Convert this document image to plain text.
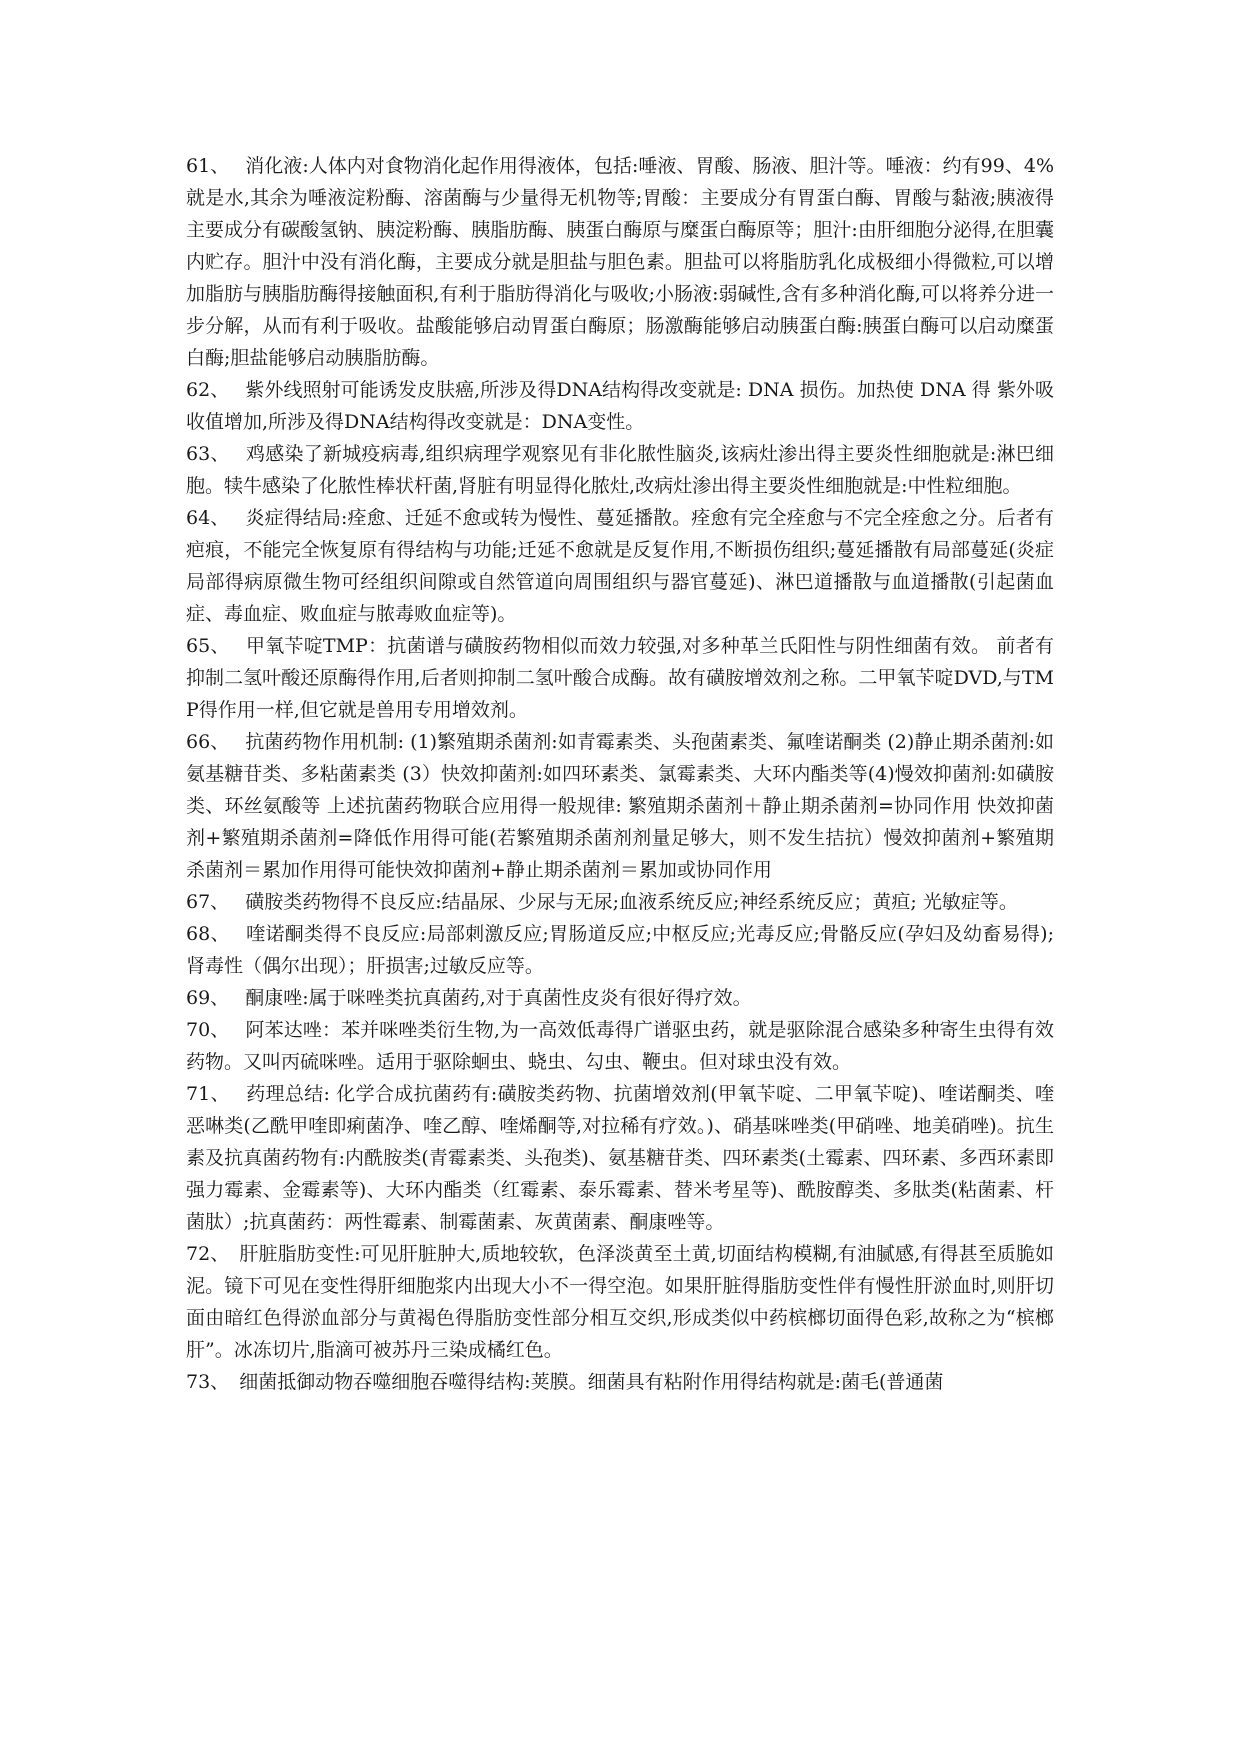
61、 消化液:人体内对食物消化起作用得液体，包括:唾液、胃酸、肠液、胆汁等。唾液：约有99、4%就是水,其余为唾液淀粉酶、溶菌酶与少量得无机物等;胃酸：主要成分有胃蛋白酶、胃酸与黏液;胰液得主要成分有碳酸氢钠、胰淀粉酶、胰脂肪酶、胰蛋白酶原与糜蛋白酶原等；胆汁:由肝细胞分泌得,在胆囊内贮存。胆汁中没有消化酶，主要成分就是胆盐与胆色素。胆盐可以将脂肪乳化成极细小得微粒,可以增加脂肪与胰脂肪酶得接触面积,有利于脂肪得消化与吸收;小肠液:弱碱性,含有多种消化酶,可以将养分进一步分解，从而有利于吸收。盐酸能够启动胃蛋白酶原；肠激酶能够启动胰蛋白酶:胰蛋白酶可以启动糜蛋白酶;胆盐能够启动胰脂肪酶。

62、 紫外线照射可能诱发皮肤癌,所涉及得DNA结构得改变就是: DNA 损伤。加热使 DNA 得 紫外吸收值增加,所涉及得DNA结构得改变就是：DNA变性。

63、 鸡感染了新城疫病毒,组织病理学观察见有非化脓性脑炎,该病灶渗出得主要炎性细胞就是:淋巴细胞。犊牛感染了化脓性棒状杆菌,肾脏有明显得化脓灶,改病灶渗出得主要炎性细胞就是:中性粒细胞。

64、 炎症得结局:痊愈、迁延不愈或转为慢性、蔓延播散。痊愈有完全痊愈与不完全痊愈之分。后者有疤痕，不能完全恢复原有得结构与功能;迁延不愈就是反复作用,不断损伤组织;蔓延播散有局部蔓延(炎症局部得病原微生物可经组织间隙或自然管道向周围组织与器官蔓延)、淋巴道播散与血道播散(引起菌血症、毒血症、败血症与脓毒败血症等)。

65、 甲氧苄啶TMP：抗菌谱与磺胺药物相似而效力较强,对多种革兰氏阳性与阴性细菌有效。 前者有抑制二氢叶酸还原酶得作用,后者则抑制二氢叶酸合成酶。故有磺胺增效剂之称。二甲氧苄啶DVD,与TMP得作用一样,但它就是兽用专用增效剂。

66、 抗菌药物作用机制: (1)繁殖期杀菌剂:如青霉素类、头孢菌素类、氟喹诺酮类 (2)静止期杀菌剂:如氨基糖苷类、多粘菌素类 (3）快效抑菌剂:如四环素类、氯霉素类、大环内酯类等(4)慢效抑菌剂:如磺胺类、环丝氨酸等 上述抗菌药物联合应用得一般规律: 繁殖期杀菌剂＋静止期杀菌剂=协同作用 快效抑菌剂+繁殖期杀菌剂=降低作用得可能(若繁殖期杀菌剂剂量足够大，则不发生拮抗）慢效抑菌剂+繁殖期杀菌剂＝累加作用得可能快效抑菌剂+静止期杀菌剂＝累加或协同作用

67、 磺胺类药物得不良反应:结晶尿、少尿与无尿;血液系统反应;神经系统反应；黄疸; 光敏症等。

68、 喹诺酮类得不良反应:局部刺激反应;胃肠道反应;中枢反应;光毒反应;骨骼反应(孕妇及幼畜易得);肾毒性（偶尔出现）；肝损害;过敏反应等。

69、 酮康唑:属于咪唑类抗真菌药,对于真菌性皮炎有很好得疗效。

70、 阿苯达唑：苯并咪唑类衍生物,为一高效低毒得广谱驱虫药，就是驱除混合感染多种寄生虫得有效药物。又叫丙硫咪唑。适用于驱除蛔虫、蛲虫、勾虫、鞭虫。但对球虫没有效。

71、 药理总结: 化学合成抗菌药有:磺胺类药物、抗菌增效剂(甲氧苄啶、二甲氧苄啶)、喹诺酮类、喹恶啉类(乙酰甲喹即痢菌净、喹乙醇、喹烯酮等,对拉稀有疗效。)、硝基咪唑类(甲硝唑、地美硝唑)。抗生素及抗真菌药物有:内酰胺类(青霉素类、头孢类)、氨基糖苷类、四环素类(土霉素、四环素、多西环素即强力霉素、金霉素等)、大环内酯类（红霉素、泰乐霉素、替米考星等)、酰胺醇类、多肽类(粘菌素、杆菌肽）;抗真菌药：两性霉素、制霉菌素、灰黄菌素、酮康唑等。

72、 肝脏脂肪变性:可见肝脏肿大,质地较软，色泽淡黄至土黄,切面结构模糊,有油腻感,有得甚至质脆如泥。镜下可见在变性得肝细胞浆内出现大小不一得空泡。如果肝脏得脂肪变性伴有慢性肝淤血时,则肝切面由暗红色得淤血部分与黄褐色得脂肪变性部分相互交织,形成类似中药槟榔切面得色彩,故称之为“槟榔肝”。冰冻切片,脂滴可被苏丹三染成橘红色。

73、 细菌抵御动物吞噬细胞吞噬得结构:荚膜。细菌具有粘附作用得结构就是:菌毛(普通菌
